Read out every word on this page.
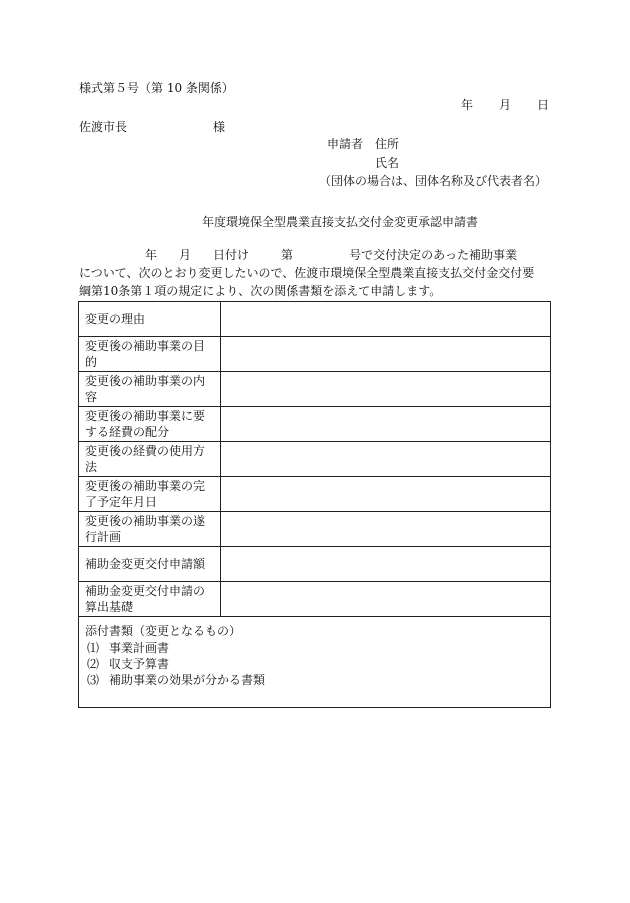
様式第５号（第 10 条関係）
年 月 日
佐渡市長	様
申請者 住所
氏名
（団体の場合は、団体名称及び代表者名）
年度環境保全型農業直接支払交付金変更承認申請書
年 月 日付け	第	号で交付決定のあった補助事業
について、次のとおり変更したいので、佐渡市環境保全型農業直接支払交付金交付要
綱第10条第１項の規定により、次の関係書類を添えて申請します。
変更の理由	
変更後の補助事業の目的	
変更後の補助事業の内容	
変更後の補助事業に要する経費の配分	
変更後の経費の使用方法	
変更後の補助事業の完了予定年月日	
変更後の補助事業の遂行計画	
補助金変更交付申請額	
補助金変更交付申請の算出基礎	

添付書類（変更となるもの）
⑴ 事業計画書
⑵ 収支予算書
⑶ 補助事業の効果が分かる書類	
